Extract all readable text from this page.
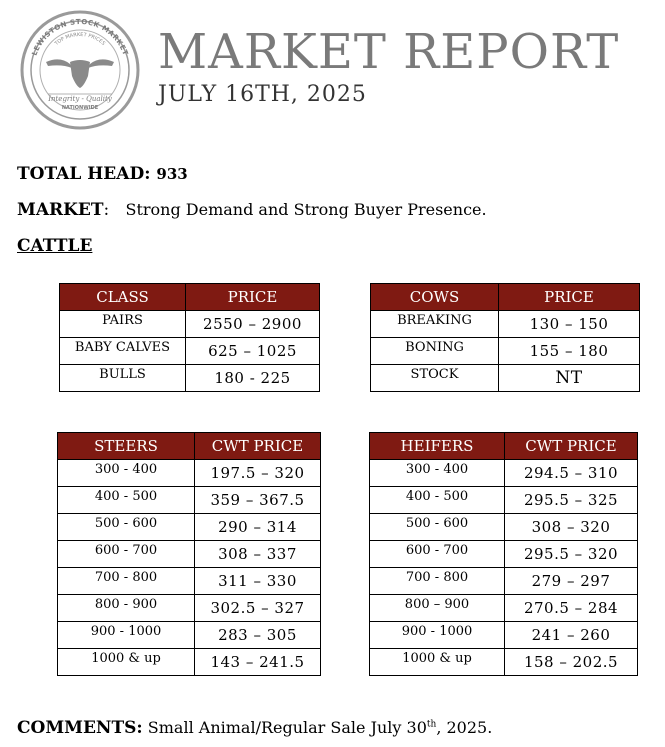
LEWISTON STOCK MARKET
TOP MARKET PRICES
Integrity - Quality
NATIONWIDE
MARKET REPORT
JULY 16TH, 2025
TOTAL HEAD: 933
MARKET: Strong Demand and Strong Buyer Presence.
CATTLE
CLASS	PRICE
PAIRS	2550 – 2900
BABY CALVES	625 – 1025
BULLS	180 - 225
COWS	PRICE
BREAKING	130 – 150
BONING	155 – 180
STOCK	NT
STEERS	CWT PRICE
300 - 400	197.5 – 320
400 - 500	359 – 367.5
500 - 600	290 – 314
600 - 700	308 – 337
700 - 800	311 – 330
800 - 900	302.5 – 327
900 - 1000	283 – 305
1000 & up	143 – 241.5
HEIFERS	CWT PRICE
300 - 400	294.5 – 310
400 - 500	295.5 – 325
500 - 600	308 – 320
600 - 700	295.5 – 320
700 - 800	279 – 297
800 – 900	270.5 – 284
900 - 1000	241 – 260
1000 & up	158 – 202.5
COMMENTS: Small Animal/Regular Sale July 30th, 2025.
